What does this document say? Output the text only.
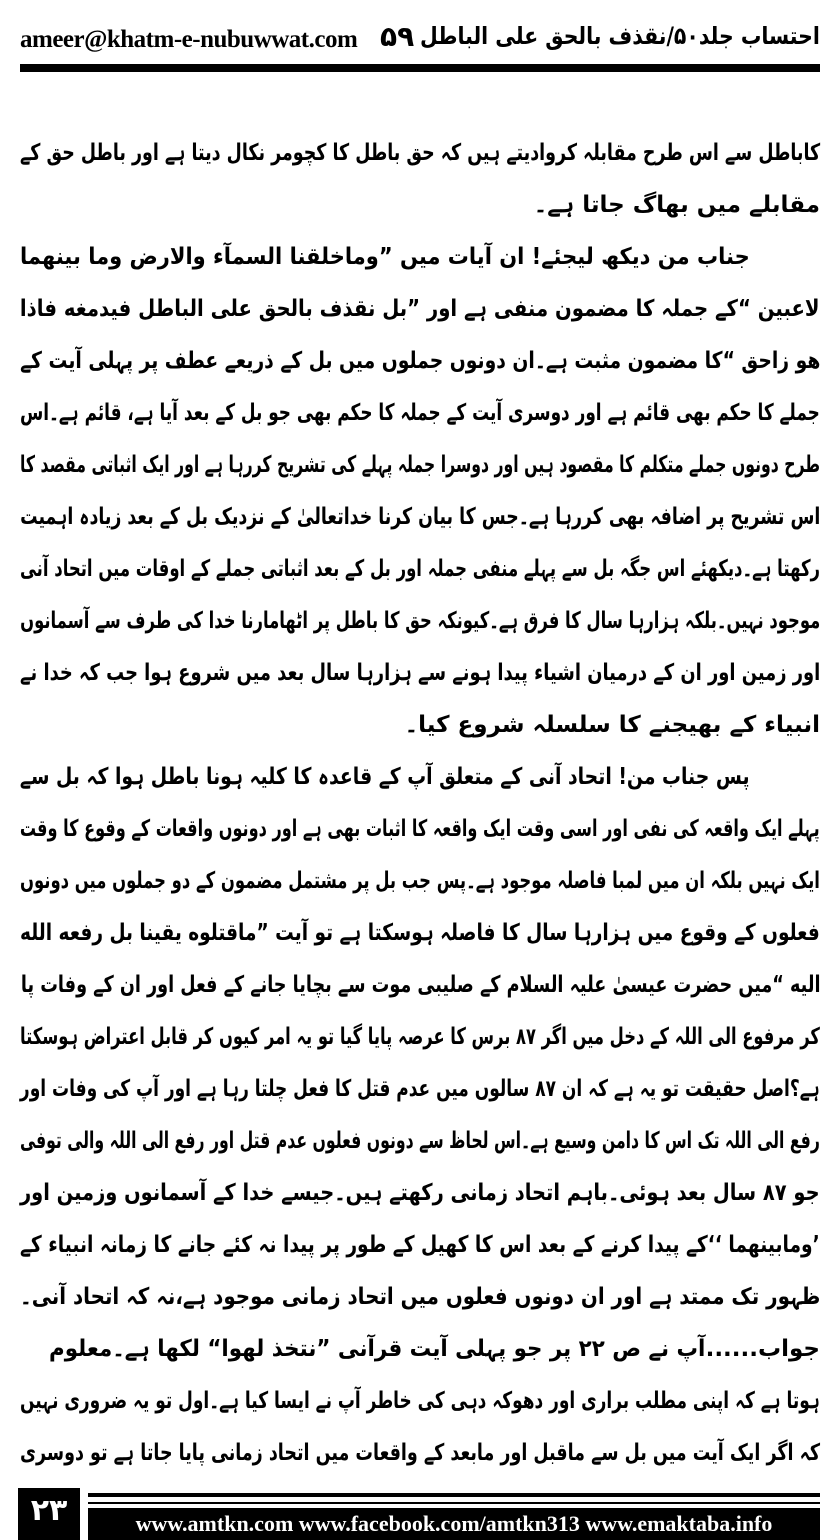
ameer@khatm-e-nubuwwat.com ۵۹ احتساب جلد۵۰/نقذف بالحق علی الباطل
کاباطل سے اس طرح مقابلہ کروادیتے ہیں کہ حق باطل کا کچومر نکال دیتا ہے اور باطل حق کے
مقابلے میں بھاگ جاتا ہے۔
جناب من دیکھ لیجئے! ان آیات میں ”وماخلقنا السمآء والارض وما بینهما
لاعبین “کے جملہ کا مضمون منفی ہے اور ”بل نقذف بالحق علی الباطل فیدمغه فاذا
هو زاحق “کا مضمون مثبت ہے۔ان دونوں جملوں میں بل کے ذریعے عطف پر پہلی آیت کے
جملے کا حکم بھی قائم ہے اور دوسری آیت کے جملہ کا حکم بھی جو بل کے بعد آیا ہے، قائم ہے۔اس
طرح دونوں جملے متکلم کا مقصود ہیں اور دوسرا جملہ پہلے کی تشریح کررہا ہے اور ایک اثباتی مقصد کا
اس تشریح پر اضافہ بھی کررہا ہے۔جس کا بیان کرنا خداتعالیٰ کے نزدیک بل کے بعد زیادہ اہمیت
رکھتا ہے۔دیکھئے اس جگہ بل سے پہلے منفی جملہ اور بل کے بعد اثباتی جملے کے اوقات میں اتحاد آنی
موجود نہیں۔بلکہ ہزارہا سال کا فرق ہے۔کیونکہ حق کا باطل پر اٹھامارنا خدا کی طرف سے آسمانوں
اور زمین اور ان کے درمیان اشیاء پیدا ہونے سے ہزارہا سال بعد میں شروع ہوا جب کہ خدا نے
انبیاء کے بھیجنے کا سلسلہ شروع کیا۔
پس جناب من! اتحاد آنی کے متعلق آپ کے قاعدہ کا کلیہ ہونا باطل ہوا کہ بل سے
پہلے ایک واقعہ کی نفی اور اسی وقت ایک واقعہ کا اثبات بھی ہے اور دونوں واقعات کے وقوع کا وقت
ایک نہیں بلکہ ان میں لمبا فاصلہ موجود ہے۔پس جب بل پر مشتمل مضمون کے دو جملوں میں دونوں
فعلوں کے وقوع میں ہزارہا سال کا فاصلہ ہوسکتا ہے تو آیت ”ماقتلوه یقینا بل رفعه الله
الیه “میں حضرت عیسیٰ علیہ السلام کے صلیبی موت سے بچایا جانے کے فعل اور ان کے وفات پا
کر مرفوع الی اللہ کے دخل میں اگر ۸۷ برس کا عرصہ پایا گیا تو یہ امر کیوں کر قابل اعتراض ہوسکتا
ہے؟اصل حقیقت تو یہ ہے کہ ان ۸۷ سالوں میں عدم قتل کا فعل چلتا رہا ہے اور آپ کی وفات اور
رفع الی اللہ تک اس کا دامن وسیع ہے۔اس لحاظ سے دونوں فعلوں عدم قتل اور رفع الی اللہ والی توفی
جو ۸۷ سال بعد ہوئی۔باہم اتحاد زمانی رکھتے ہیں۔جیسے خدا کے آسمانوں وزمین اور
’ومابینهما ‘‘کے پیدا کرنے کے بعد اس کا کھیل کے طور پر پیدا نہ کئے جانے کا زمانہ انبیاء کے
ظہور تک ممتد ہے اور ان دونوں فعلوں میں اتحاد زمانی موجود ہے،نہ کہ اتحاد آنی۔
جواب......
آپ نے ص ۲۲ پر جو پہلی آیت قرآنی ”نتخذ لهوا“ لکھا ہے۔معلوم
ہوتا ہے کہ اپنی مطلب براری اور دھوکہ دہی کی خاطر آپ نے ایسا کیا ہے۔اول تو یہ ضروری نہیں
کہ اگر ایک آیت میں بل سے ماقبل اور مابعد کے واقعات میں اتحاد زمانی پایا جاتا ہے تو دوسری
۲۳	www.amtkn.com www.facebook.com/amtkn313 www.emaktaba.info
